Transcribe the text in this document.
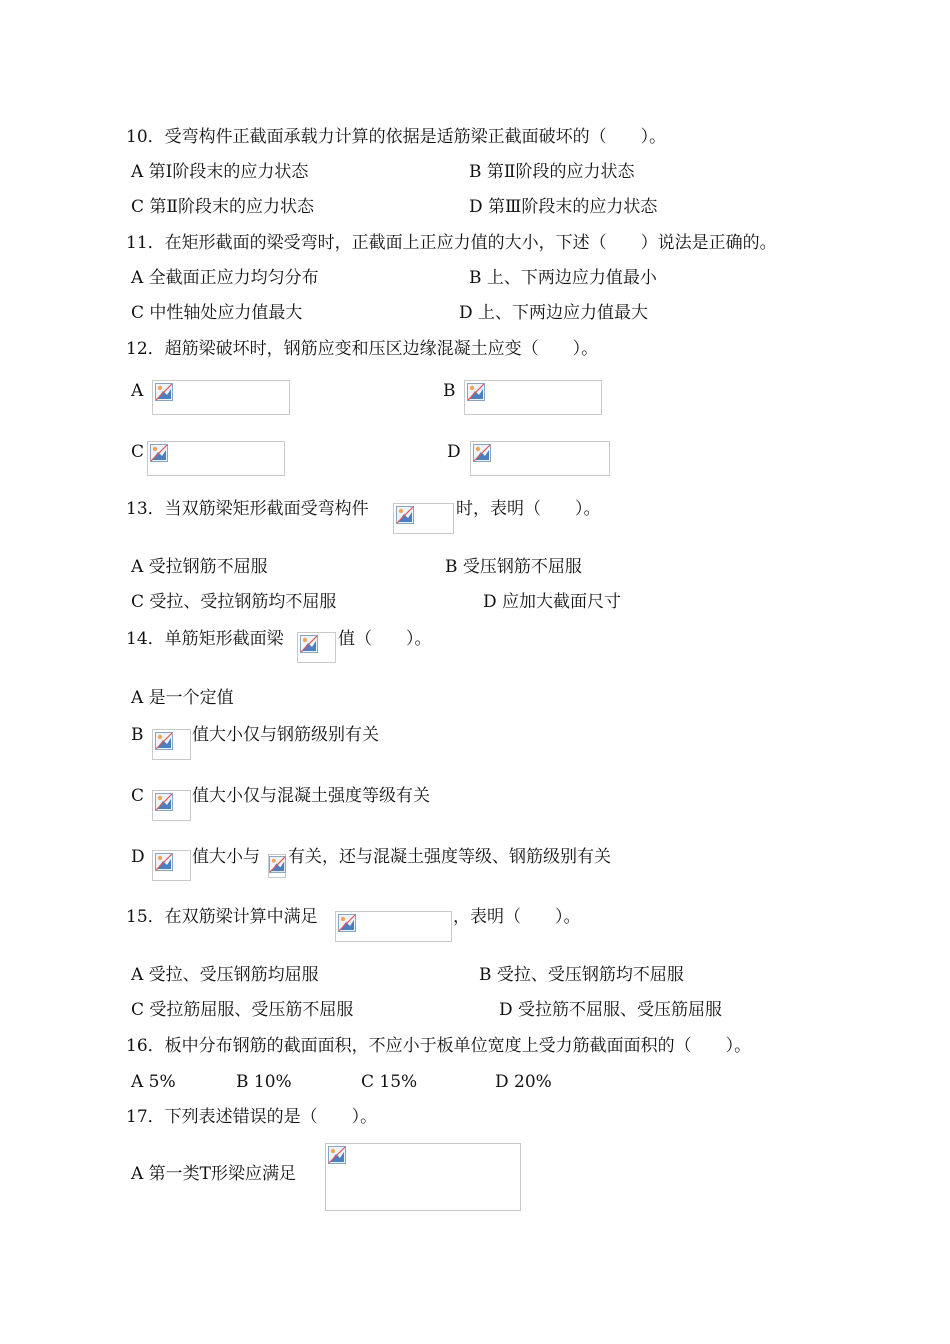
10．受弯构件正截面承载力计算的依据是适筋梁正截面破坏的（　　）。
A 第Ⅰ阶段末的应力状态	B 第Ⅱ阶段的应力状态
C 第Ⅱ阶段末的应力状态	D 第Ⅲ阶段末的应力状态
11．在矩形截面的梁受弯时，正截面上正应力值的大小，下述（　　）说法是正确的。
A 全截面正应力均匀分布	B 上、下两边应力值最小
C 中性轴处应力值最大	D 上、下两边应力值最大
12．超筋梁破坏时，钢筋应变和压区边缘混凝土应变（　　）。
A	B
C	D
13．当双筋梁矩形截面受弯构件	时，表明（　　）。
A 受拉钢筋不屈服	B 受压钢筋不屈服
C 受拉、受拉钢筋均不屈服	D 应加大截面尺寸
14．单筋矩形截面梁	值（　　）。
A 是一个定值
B	值大小仅与钢筋级别有关
C	值大小仅与混凝土强度等级有关
D	值大小与 有关，还与混凝土强度等级、钢筋级别有关
15．在双筋梁计算中满足	，表明（　　）。
A 受拉、受压钢筋均屈服	B 受拉、受压钢筋均不屈服
C 受拉筋屈服、受压筋不屈服	D 受拉筋不屈服、受压筋屈服
16．板中分布钢筋的截面面积，不应小于板单位宽度上受力筋截面面积的（　　）。
A 5%	B 10%	C 15%	D 20%
17．下列表述错误的是（　　）。
A 第一类T形梁应满足
